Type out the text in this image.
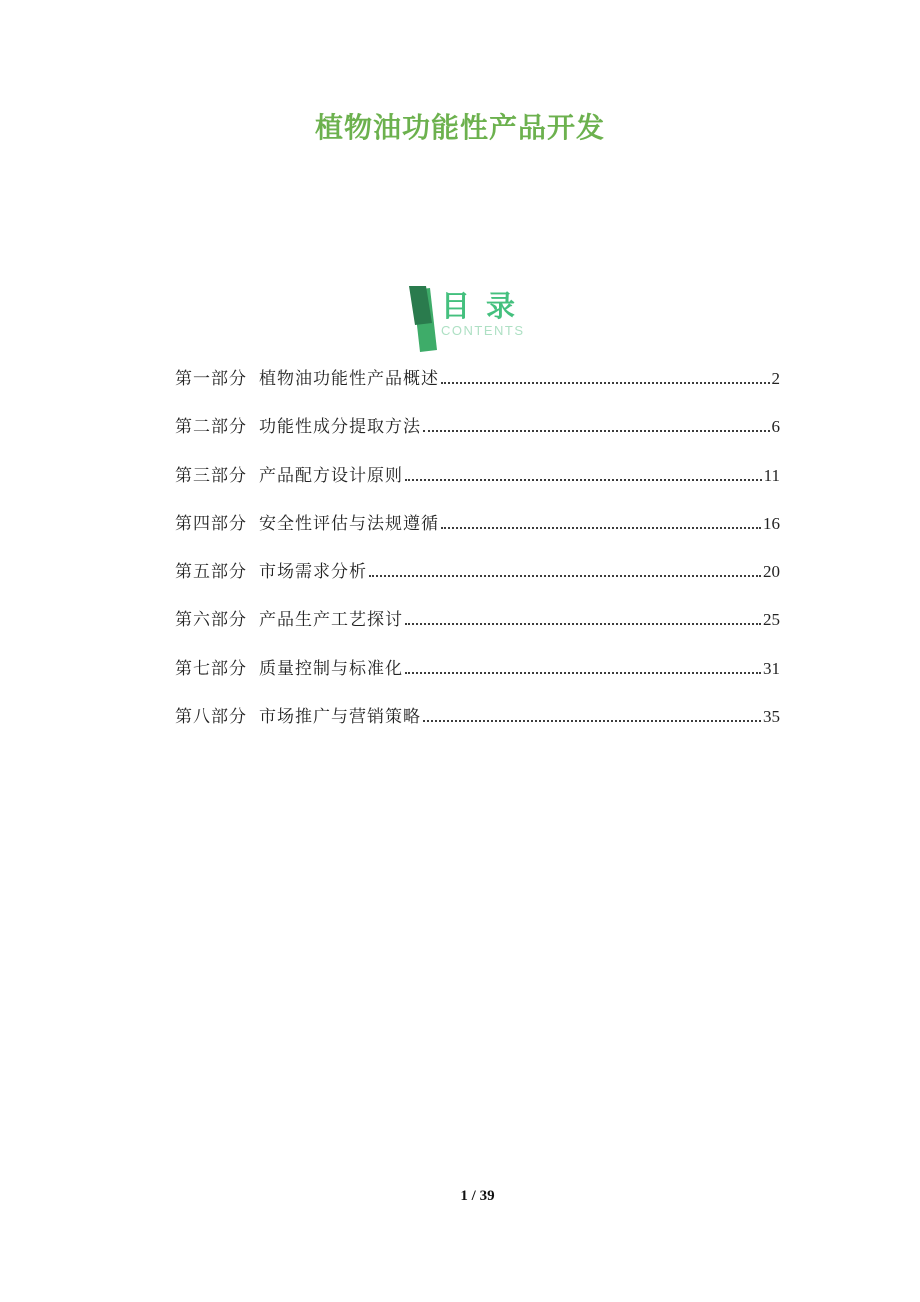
植物油功能性产品开发
目 录
CONTENTS
第一部分 植物油功能性产品概述	2
第二部分 功能性成分提取方法	6
第三部分 产品配方设计原则	11
第四部分 安全性评估与法规遵循	16
第五部分 市场需求分析	20
第六部分 产品生产工艺探讨	25
第七部分 质量控制与标准化	31
第八部分 市场推广与营销策略	35
1 / 39
